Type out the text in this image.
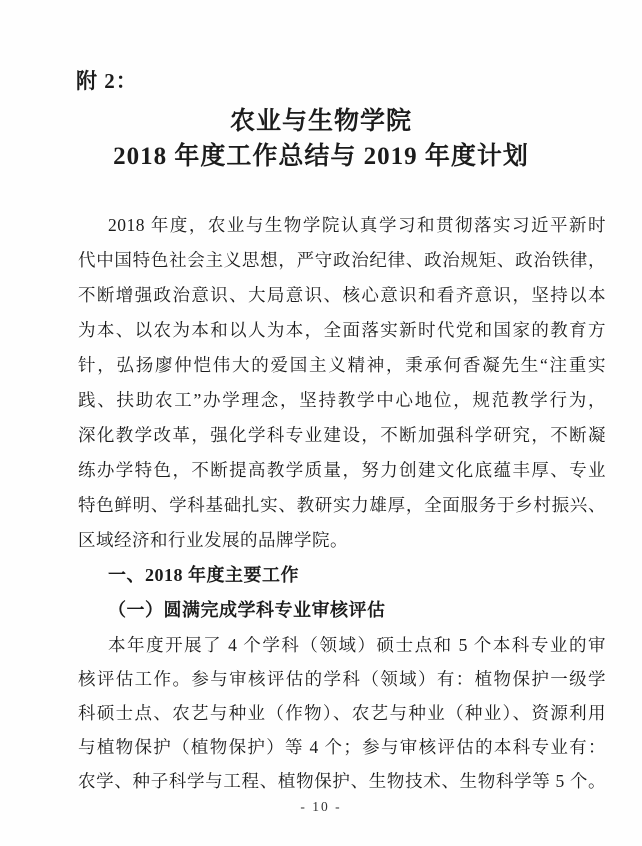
附 2：
农业与生物学院
2018 年度工作总结与 2019 年度计划
2018 年度，农业与生物学院认真学习和贯彻落实习近平新时
代中国特色社会主义思想，严守政治纪律、政治规矩、政治铁律，
不断增强政治意识、大局意识、核心意识和看齐意识，坚持以本
为本、以农为本和以人为本，全面落实新时代党和国家的教育方
针，弘扬廖仲恺伟大的爱国主义精神，秉承何香凝先生“注重实
践、扶助农工”办学理念，坚持教学中心地位，规范教学行为，
深化教学改革，强化学科专业建设，不断加强科学研究，不断凝
练办学特色，不断提高教学质量，努力创建文化底蕴丰厚、专业
特色鲜明、学科基础扎实、教研实力雄厚，全面服务于乡村振兴、
区域经济和行业发展的品牌学院。
一、2018 年度主要工作
（一）圆满完成学科专业审核评估
本年度开展了 4 个学科（领域）硕士点和 5 个本科专业的审
核评估工作。参与审核评估的学科（领域）有：植物保护一级学
科硕士点、农艺与种业（作物）、农艺与种业（种业）、资源利用
与植物保护（植物保护）等 4 个；参与审核评估的本科专业有：
农学、种子科学与工程、植物保护、生物技术、生物科学等 5 个。
- 10 -
